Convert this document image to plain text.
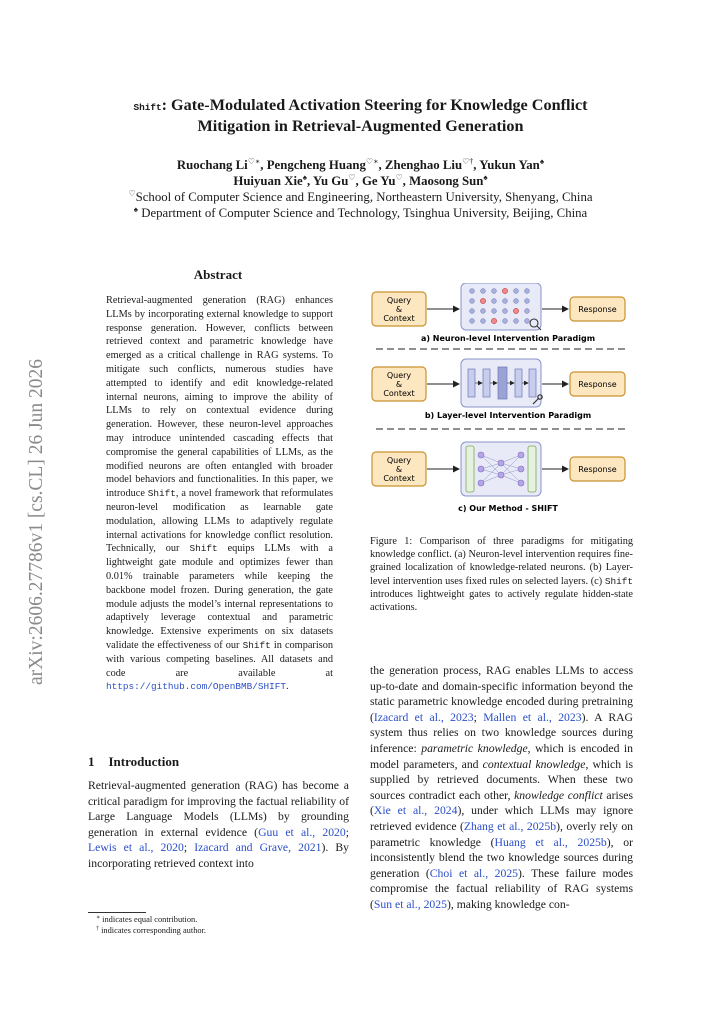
arXiv:2606.27786v1 [cs.CL] 26 Jun 2026
Shift: Gate-Modulated Activation Steering for Knowledge Conflict
Mitigation in Retrieval-Augmented Generation
Ruochang Li♡∗, Pengcheng Huang♡∗, Zhenghao Liu♡†, Yukun Yan♠
Huiyuan Xie♠, Yu Gu♡, Ge Yu♡, Maosong Sun♠
♡School of Computer Science and Engineering, Northeastern University, Shenyang, China
♠ Department of Computer Science and Technology, Tsinghua University, Beijing, China
Abstract
Retrieval-augmented generation (RAG) enhances LLMs by incorporating external knowledge to support response generation. However, conflicts between retrieved context and parametric knowledge have emerged as a critical challenge in RAG systems. To mitigate such conflicts, numerous studies have attempted to identify and edit knowledge-related internal neurons, aiming to improve the ability of LLMs to rely on contextual evidence during generation. However, these neuron-level approaches may introduce unintended cascading effects that compromise the general capabilities of LLMs, as the modified neurons are often entangled with broader model behaviors and functionalities. In this paper, we introduce Shift, a novel framework that reformulates neuron-level modification as learnable gate modulation, allowing LLMs to adaptively regulate internal activations for knowledge conflict resolution. Technically, our Shift equips LLMs with a lightweight gate module and optimizes fewer than 0.01% trainable parameters while keeping the backbone model frozen. During generation, the gate module adjusts the model’s internal representations to adaptively leverage contextual and parametric knowledge. Extensive experiments on six datasets validate the effectiveness of our Shift in comparison with various competing baselines. All datasets and code are available at https://github.com/OpenBMB/SHIFT.
1 Introduction
Retrieval-augmented generation (RAG) has become a critical paradigm for improving the factual reliability of Large Language Models (LLMs) by grounding generation in external evidence (Guu et al., 2020; Lewis et al., 2020; Izacard and Grave, 2021). By incorporating retrieved context into
∗ indicates equal contribution.
† indicates corresponding author.
Query
&
Context
Response
a) Neuron-level Intervention Paradigm
Query
&
Context
Response
b) Layer-level Intervention Paradigm
Query
&
Context
Response
c) Our Method - SHIFT
Figure 1: Comparison of three paradigms for mitigating knowledge conflict. (a) Neuron-level intervention requires fine-grained localization of knowledge-related neurons. (b) Layer-level intervention uses fixed rules on selected layers. (c) Shift introduces lightweight gates to actively regulate hidden-state activations.
the generation process, RAG enables LLMs to access up-to-date and domain-specific information beyond the static parametric knowledge encoded during pretraining (Izacard et al., 2023; Mallen et al., 2023). A RAG system thus relies on two knowledge sources during inference: parametric knowledge, which is encoded in model parameters, and contextual knowledge, which is supplied by retrieved documents. When these two sources contradict each other, knowledge conflict arises (Xie et al., 2024), under which LLMs may ignore retrieved evidence (Zhang et al., 2025b), overly rely on parametric knowledge (Huang et al., 2025b), or inconsistently blend the two knowledge sources during generation (Choi et al., 2025). These failure modes compromise the factual reliability of RAG systems (Sun et al., 2025), making knowledge con-
